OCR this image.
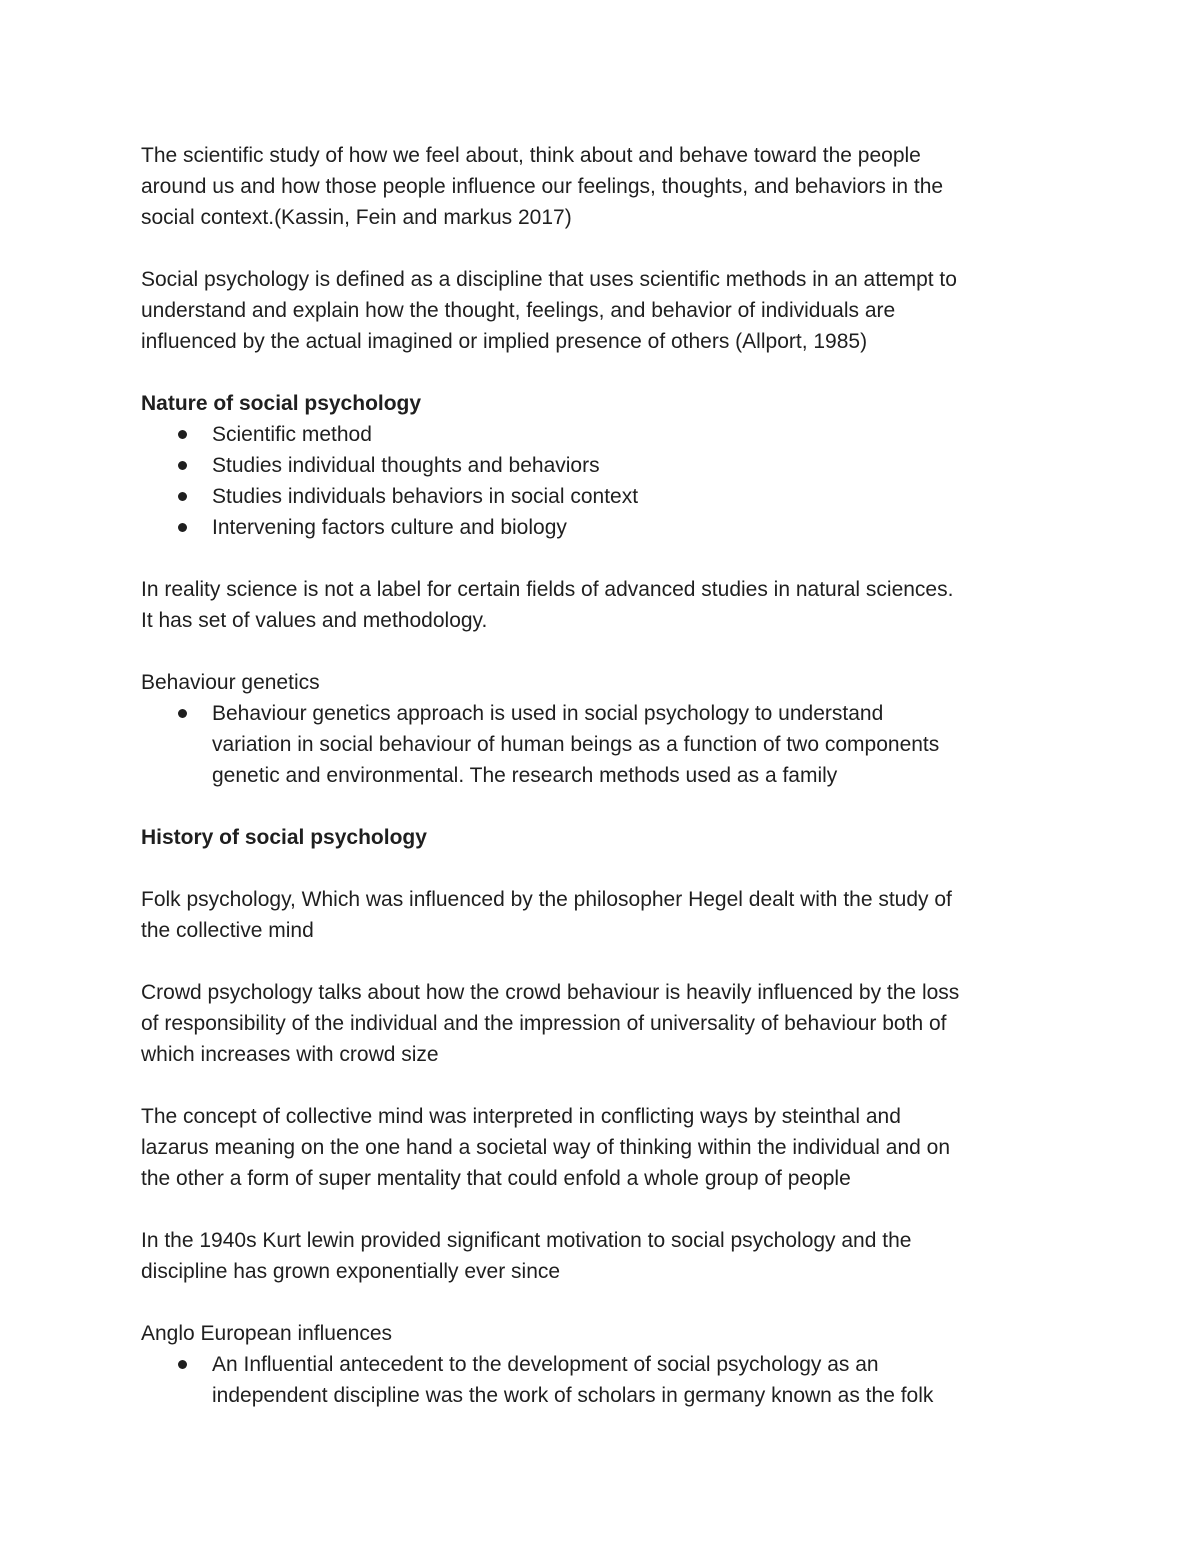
The scientific study of how we feel about, think about and behave toward the people
around us and how those people influence our feelings, thoughts, and behaviors in the
social context.(Kassin, Fein and markus 2017)

Social psychology is defined as a discipline that uses scientific methods in an attempt to
understand and explain how the thought, feelings, and behavior of individuals are
influenced by the actual imagined or implied presence of others (Allport, 1985)

Nature of social psychology
Scientific method
Studies individual thoughts and behaviors
Studies individuals behaviors in social context
Intervening factors culture and biology

In reality science is not a label for certain fields of advanced studies in natural sciences.
It has set of values and methodology.

Behaviour genetics
Behaviour genetics approach is used in social psychology to understand
variation in social behaviour of human beings as a function of two components
genetic and environmental. The research methods used as a family
History of social psychology

Folk psychology, Which was influenced by the philosopher Hegel dealt with the study of
the collective mind

Crowd psychology talks about how the crowd behaviour is heavily influenced by the loss
of responsibility of the individual and the impression of universality of behaviour both of
which increases with crowd size

The concept of collective mind was interpreted in conflicting ways by steinthal and
lazarus meaning on the one hand a societal way of thinking within the individual and on
the other a form of super mentality that could enfold a whole group of people

In the 1940s Kurt lewin provided significant motivation to social psychology and the
discipline has grown exponentially ever since

Anglo European influences
An Influential antecedent to the development of social psychology as an
independent discipline was the work of scholars in germany known as the folk
